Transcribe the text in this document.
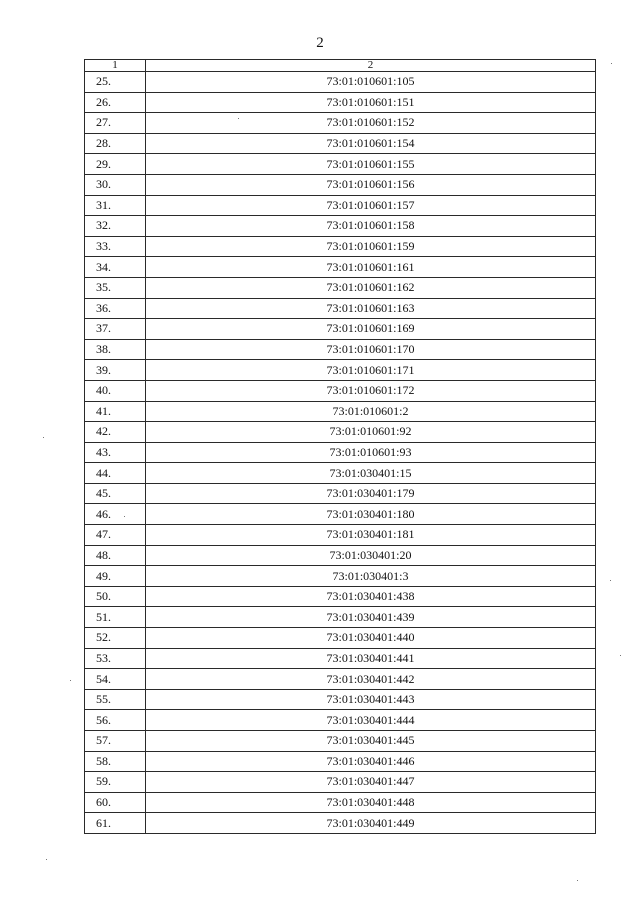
2
1	2
25.	73:01:010601:105
26.	73:01:010601:151
27.	73:01:010601:152
28.	73:01:010601:154
29.	73:01:010601:155
30.	73:01:010601:156
31.	73:01:010601:157
32.	73:01:010601:158
33.	73:01:010601:159
34.	73:01:010601:161
35.	73:01:010601:162
36.	73:01:010601:163
37.	73:01:010601:169
38.	73:01:010601:170
39.	73:01:010601:171
40.	73:01:010601:172
41.	73:01:010601:2
42.	73:01:010601:92
43.	73:01:010601:93
44.	73:01:030401:15
45.	73:01:030401:179
46.	73:01:030401:180
47.	73:01:030401:181
48.	73:01:030401:20
49.	73:01:030401:3
50.	73:01:030401:438
51.	73:01:030401:439
52.	73:01:030401:440
53.	73:01:030401:441
54.	73:01:030401:442
55.	73:01:030401:443
56.	73:01:030401:444
57.	73:01:030401:445
58.	73:01:030401:446
59.	73:01:030401:447
60.	73:01:030401:448
61.	73:01:030401:449
